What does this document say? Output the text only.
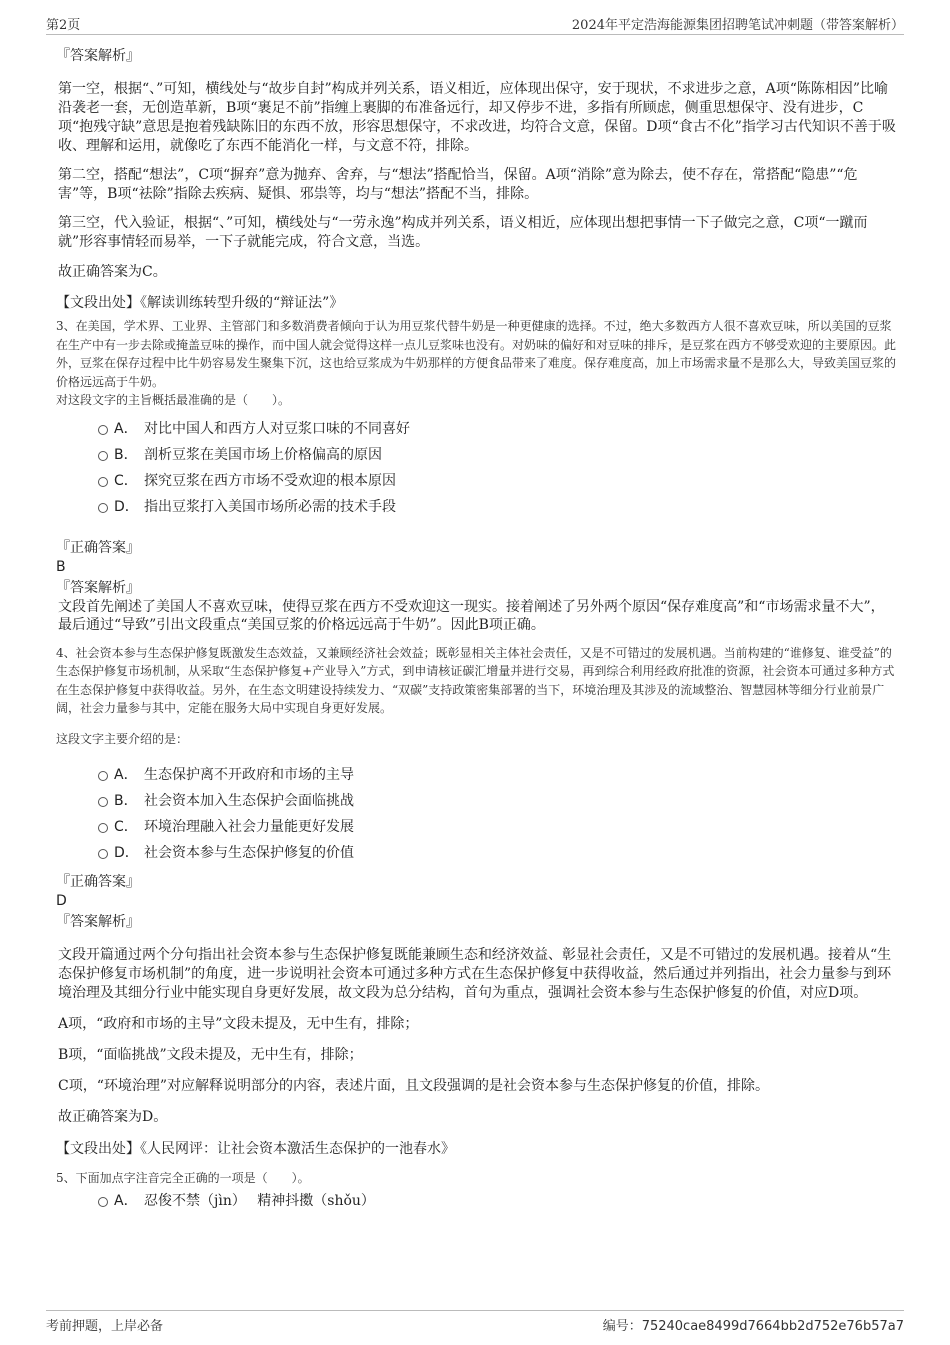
第2页	2024年平定浩海能源集团招聘笔试冲刺题（带答案解析）

『答案解析』

第一空，根据“、”可知，横线处与“故步自封”构成并列关系，语义相近，应体现出保守，安于现状，不求进步之意，A项“陈陈相因”比喻沿袭老一套，无创造革新，B项“裹足不前”指缠上裹脚的布准备远行，却又停步不进，多指有所顾虑，侧重思想保守、没有进步，C项“抱残守缺”意思是抱着残缺陈旧的东西不放，形容思想保守，不求改进，均符合文意，保留。D项“食古不化”指学习古代知识不善于吸收、理解和运用，就像吃了东西不能消化一样，与文意不符，排除。

第二空，搭配“想法”，C项“摒弃”意为抛弃、舍弃，与“想法”搭配恰当，保留。A项“消除”意为除去，使不存在，常搭配“隐患”“危害”等，B项“祛除”指除去疾病、疑惧、邪祟等，均与“想法”搭配不当，排除。

第三空，代入验证，根据“、”可知，横线处与“一劳永逸”构成并列关系，语义相近，应体现出想把事情一下子做完之意，C项“一蹴而就”形容事情轻而易举，一下子就能完成，符合文意，当选。

故正确答案为C。

【文段出处】《解读训练转型升级的“辩证法”》

3、在美国，学术界、工业界、主管部门和多数消费者倾向于认为用豆浆代替牛奶是一种更健康的选择。不过，绝大多数西方人很不喜欢豆味，所以美国的豆浆在生产中有一步去除或掩盖豆味的操作，而中国人就会觉得这样一点儿豆浆味也没有。对奶味的偏好和对豆味的排斥，是豆浆在西方不够受欢迎的主要原因。此外，豆浆在保存过程中比牛奶容易发生聚集下沉，这也给豆浆成为牛奶那样的方便食品带来了难度。保存难度高，加上市场需求量不是那么大，导致美国豆浆的价格远远高于牛奶。

对这段文字的主旨概括最准确的是（　　）。

A． 对比中国人和西方人对豆浆口味的不同喜好
B． 剖析豆浆在美国市场上价格偏高的原因
C． 探究豆浆在西方市场不受欢迎的根本原因
D． 指出豆浆打入美国市场所必需的技术手段

『正确答案』

B

『答案解析』

文段首先阐述了美国人不喜欢豆味，使得豆浆在西方不受欢迎这一现实。接着阐述了另外两个原因“保存难度高”和“市场需求量不大”，最后通过“导致”引出文段重点“美国豆浆的价格远远高于牛奶”。因此B项正确。

4、社会资本参与生态保护修复既激发生态效益，又兼顾经济社会效益；既彰显相关主体社会责任，又是不可错过的发展机遇。当前构建的“谁修复、谁受益”的生态保护修复市场机制，从采取“生态保护修复+产业导入”方式，到申请核证碳汇增量并进行交易，再到综合利用经政府批准的资源，社会资本可通过多种方式在生态保护修复中获得收益。另外，在生态文明建设持续发力、“双碳”支持政策密集部署的当下，环境治理及其涉及的流域整治、智慧园林等细分行业前景广阔，社会力量参与其中，定能在服务大局中实现自身更好发展。

这段文字主要介绍的是：

A． 生态保护离不开政府和市场的主导
B． 社会资本加入生态保护会面临挑战
C． 环境治理融入社会力量能更好发展
D． 社会资本参与生态保护修复的价值

『正确答案』

D

『答案解析』

文段开篇通过两个分句指出社会资本参与生态保护修复既能兼顾生态和经济效益、彰显社会责任，又是不可错过的发展机遇。接着从“生态保护修复市场机制”的角度，进一步说明社会资本可通过多种方式在生态保护修复中获得收益，然后通过并列指出，社会力量参与到环境治理及其细分行业中能实现自身更好发展，故文段为总分结构，首句为重点，强调社会资本参与生态保护修复的价值，对应D项。

A项，“政府和市场的主导”文段未提及，无中生有，排除；

B项，“面临挑战”文段未提及，无中生有，排除；

C项，“环境治理”对应解释说明部分的内容，表述片面，且文段强调的是社会资本参与生态保护修复的价值，排除。

故正确答案为D。

【文段出处】《人民网评：让社会资本激活生态保护的一池春水》

5、下面加点字注音完全正确的一项是（　　）。

A． 忍俊不禁（jìn）　 精神抖擞（shǒu）
考前押题，上岸必备	编号：75240cae8499d7664bb2d752e76b57a7
